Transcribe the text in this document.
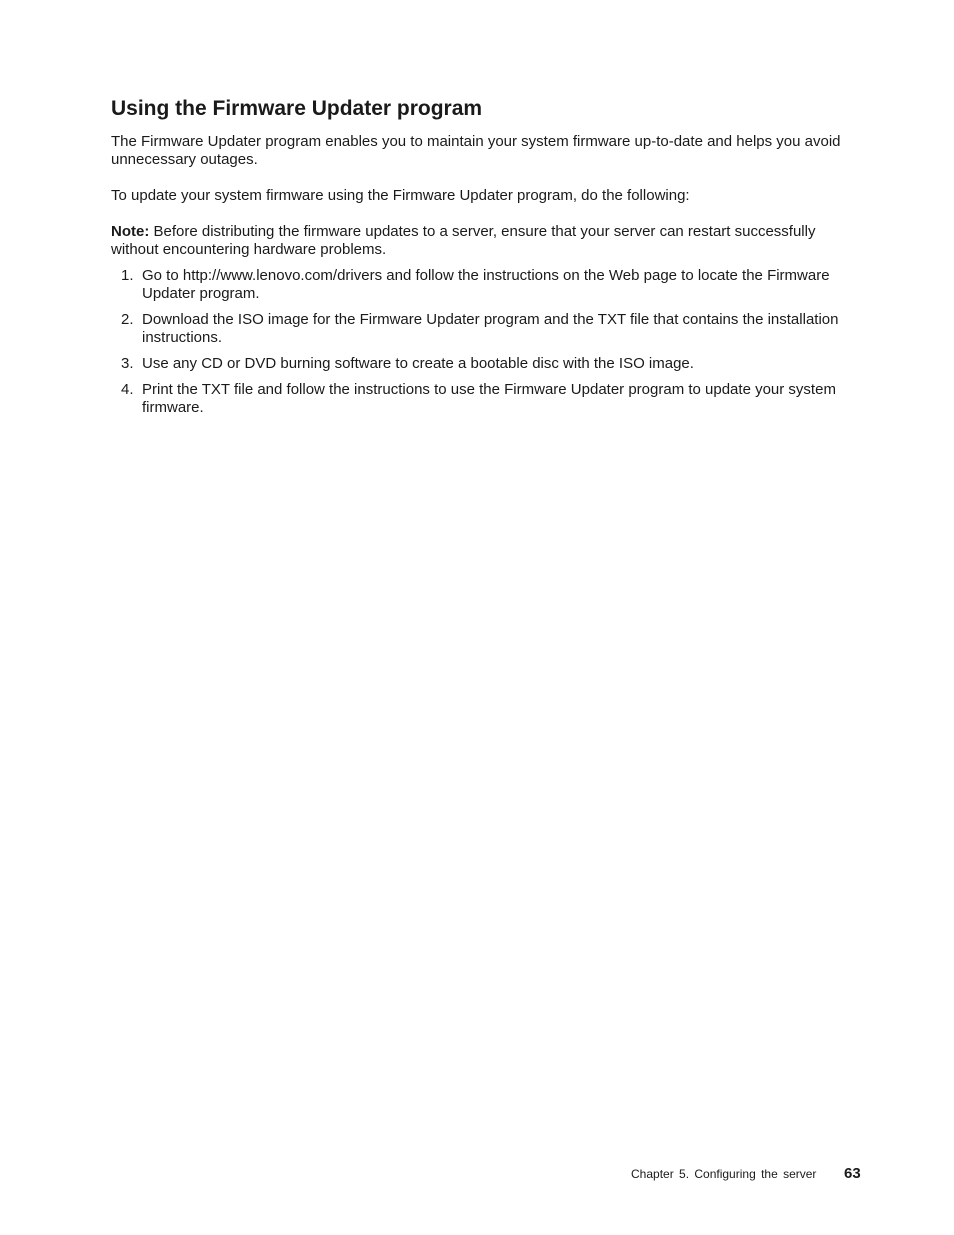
Using the Firmware Updater program

The Firmware Updater program enables you to maintain your system firmware up-to-date and helps you avoid unnecessary outages.

To update your system firmware using the Firmware Updater program, do the following:

Note: Before distributing the firmware updates to a server, ensure that your server can restart successfully without encountering hardware problems.

1. Go to http://www.lenovo.com/drivers and follow the instructions on the Web page to locate the Firmware Updater program.
2. Download the ISO image for the Firmware Updater program and the TXT file that contains the installation instructions.
3. Use any CD or DVD burning software to create a bootable disc with the ISO image.
4. Print the TXT file and follow the instructions to use the Firmware Updater program to update your system firmware.
Chapter 5. Configuring the server 63
